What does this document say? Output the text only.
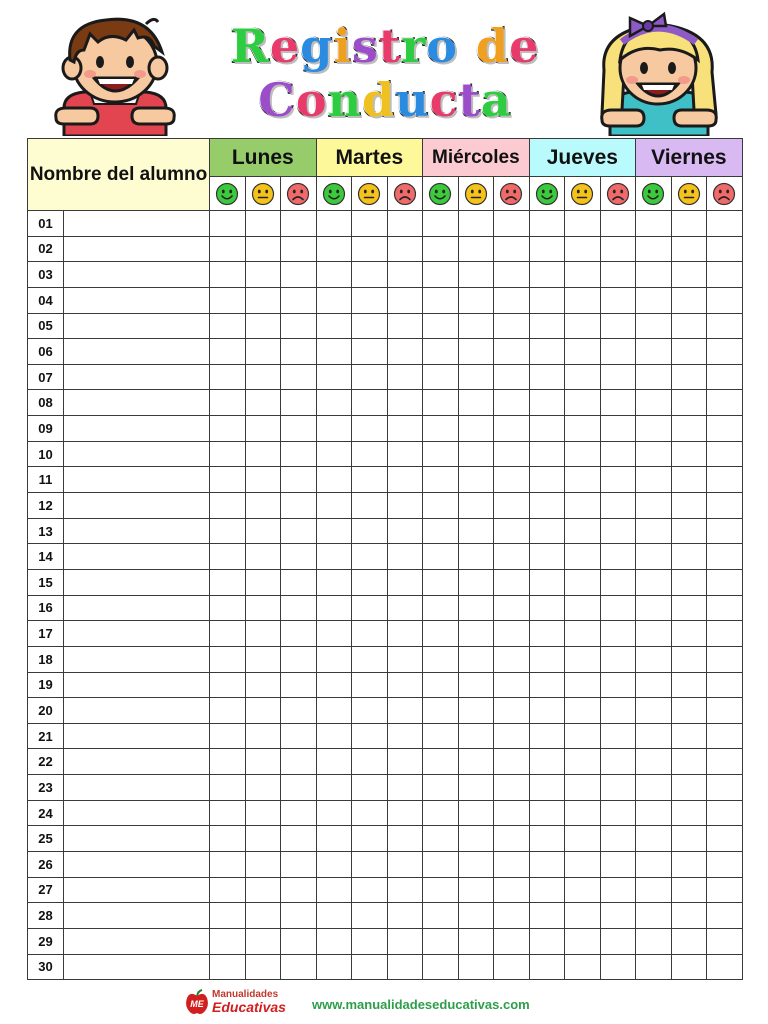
Registro de
Conducta
Nombre del alumno		Lunes			Martes			Miércoles			Jueves			Viernes		

01																
02																
03																
04																
05																
06																
07																
08																
09																
10																
11																
12																
13																
14																
15																
16																
17																
18																
19																
20																
21																
22																
23																
24																
25																
26																
27																
28																
29																
30																
ME
Manualidades
Educativas www.manualidadeseducativas.com
